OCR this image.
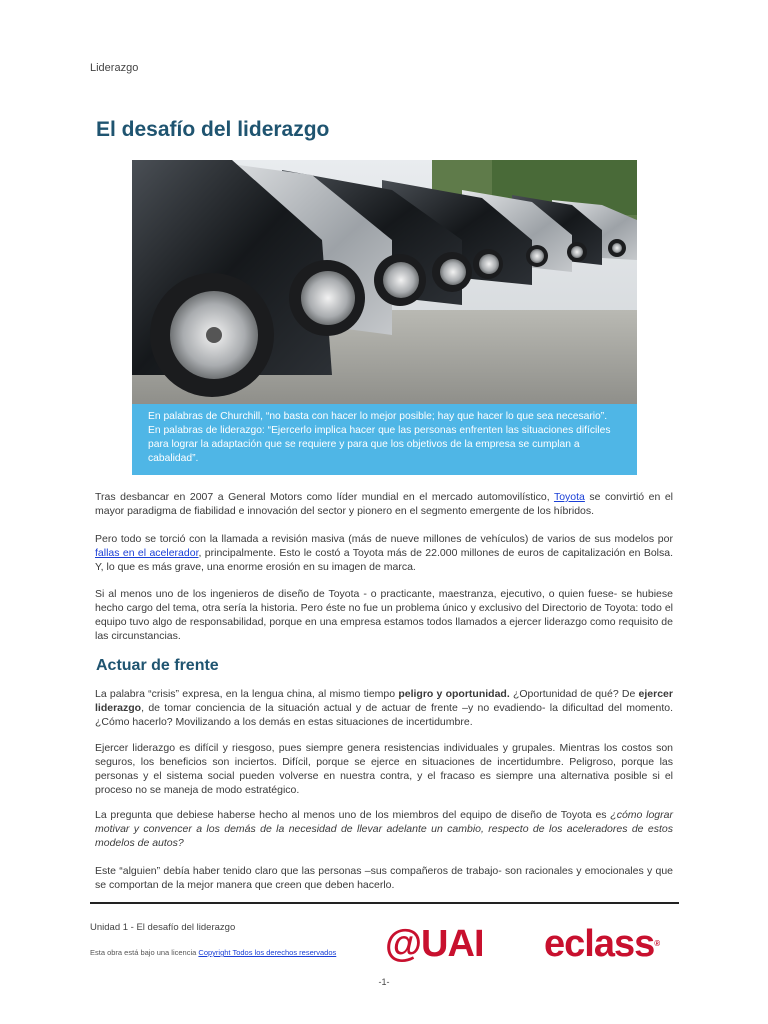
Liderazgo
El desafío del liderazgo
En palabras de Churchill, “no basta con hacer lo mejor posible; hay que hacer lo que sea necesario”. En palabras de liderazgo: “Ejercerlo implica hacer que las personas enfrenten las situaciones difíciles para lograr la adaptación que se requiere y para que los objetivos de la empresa se cumplan a cabalidad”.

Tras desbancar en 2007 a General Motors como líder mundial en el mercado automovilístico, Toyota se convirtió en el mayor paradigma de fiabilidad e innovación del sector y pionero en el segmento emergente de los híbridos.

Pero todo se torció con la llamada a revisión masiva (más de nueve millones de vehículos) de varios de sus modelos por fallas en el acelerador, principalmente. Esto le costó a Toyota más de 22.000 millones de euros de capitalización en Bolsa. Y, lo que es más grave, una enorme erosión en su imagen de marca.

Si al menos uno de los ingenieros de diseño de Toyota - o practicante, maestranza, ejecutivo, o quien fuese- se hubiese hecho cargo del tema, otra sería la historia. Pero éste no fue un problema único y exclusivo del Directorio de Toyota: todo el equipo tuvo algo de responsabilidad, porque en una empresa estamos todos llamados a ejercer liderazgo como requisito de las circunstancias.

Actuar de frente

La palabra “crisis” expresa, en la lengua china, al mismo tiempo peligro y oportunidad. ¿Oportunidad de qué? De ejercer liderazgo, de tomar conciencia de la situación actual y de actuar de frente –y no evadiendo- la dificultad del momento. ¿Cómo hacerlo? Movilizando a los demás en estas situaciones de incertidumbre.

Ejercer liderazgo es difícil y riesgoso, pues siempre genera resistencias individuales y grupales. Mientras los costos son seguros, los beneficios son inciertos. Difícil, porque se ejerce en situaciones de incertidumbre. Peligroso, porque las personas y el sistema social pueden volverse en nuestra contra, y el fracaso es siempre una alternativa posible si el proceso no se maneja de modo estratégico.

La pregunta que debiese haberse hecho al menos uno de los miembros del equipo de diseño de Toyota es ¿cómo lograr motivar y convencer a los demás de la necesidad de llevar adelante un cambio, respecto de los aceleradores de estos modelos de autos?

Este “alguien” debía haber tenido claro que las personas –sus compañeros de trabajo- son racionales y emocionales y que se comportan de la mejor manera que creen que deben hacerlo.

Unidad 1 - El desafío del liderazgo
Esta obra está bajo una licencia Copyright Todos los derechos reservados @UAI eclass®
-1-
